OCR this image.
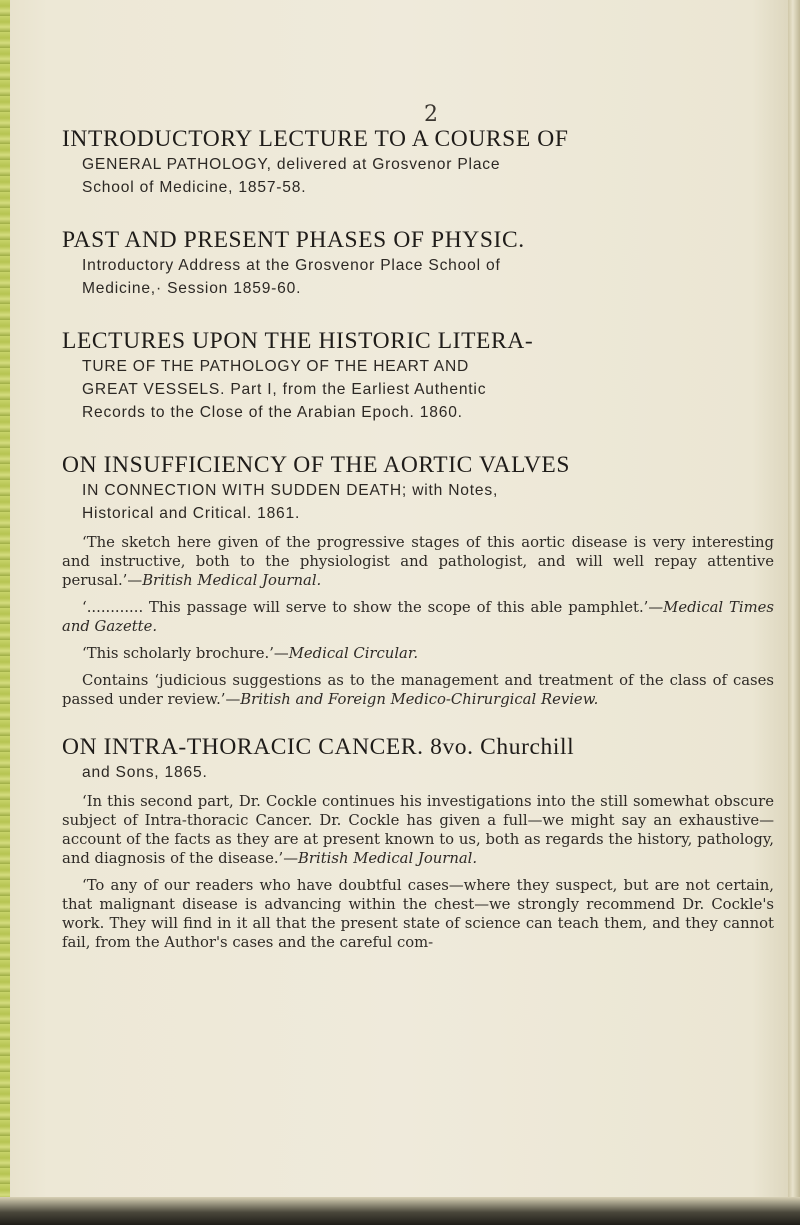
2
INTRODUCTORY LECTURE TO A COURSE OF
GENERAL PATHOLOGY, delivered at Grosvenor Place
School of Medicine, 1857-58.
PAST AND PRESENT PHASES OF PHYSIC.
Introductory Address at the Grosvenor Place School of
Medicine,· Session 1859-60.
LECTURES UPON THE HISTORIC LITERA-
TURE OF THE PATHOLOGY OF THE HEART AND
GREAT VESSELS. Part I, from the Earliest Authentic
Records to the Close of the Arabian Epoch. 1860.
ON INSUFFICIENCY OF THE AORTIC VALVES
IN CONNECTION WITH SUDDEN DEATH; with Notes,
Historical and Critical. 1861.

‘The sketch here given of the progressive stages of this aortic disease is very interesting and instructive, both to the physiologist and pathologist, and will well repay attentive perusal.’—British Medical Journal.

‘............ This passage will serve to show the scope of this able pamphlet.’—Medical Times and Gazette.

‘This scholarly brochure.’—Medical Circular.

Contains ‘judicious suggestions as to the management and treatment of the class of cases passed under review.’—British and Foreign Medico-Chirurgical Review.

ON INTRA-THORACIC CANCER. 8vo. Churchill
and Sons, 1865.

‘In this second part, Dr. Cockle continues his investigations into the still somewhat obscure subject of Intra-thoracic Cancer. Dr. Cockle has given a full—we might say an exhaustive—account of the facts as they are at present known to us, both as regards the history, pathology, and diagnosis of the disease.’—British Medical Journal.

‘To any of our readers who have doubtful cases—where they suspect, but are not certain, that malignant disease is advancing within the chest—we strongly recommend Dr. Cockle's work. They will find in it all that the present state of science can teach them, and they cannot fail, from the Author's cases and the careful com-
